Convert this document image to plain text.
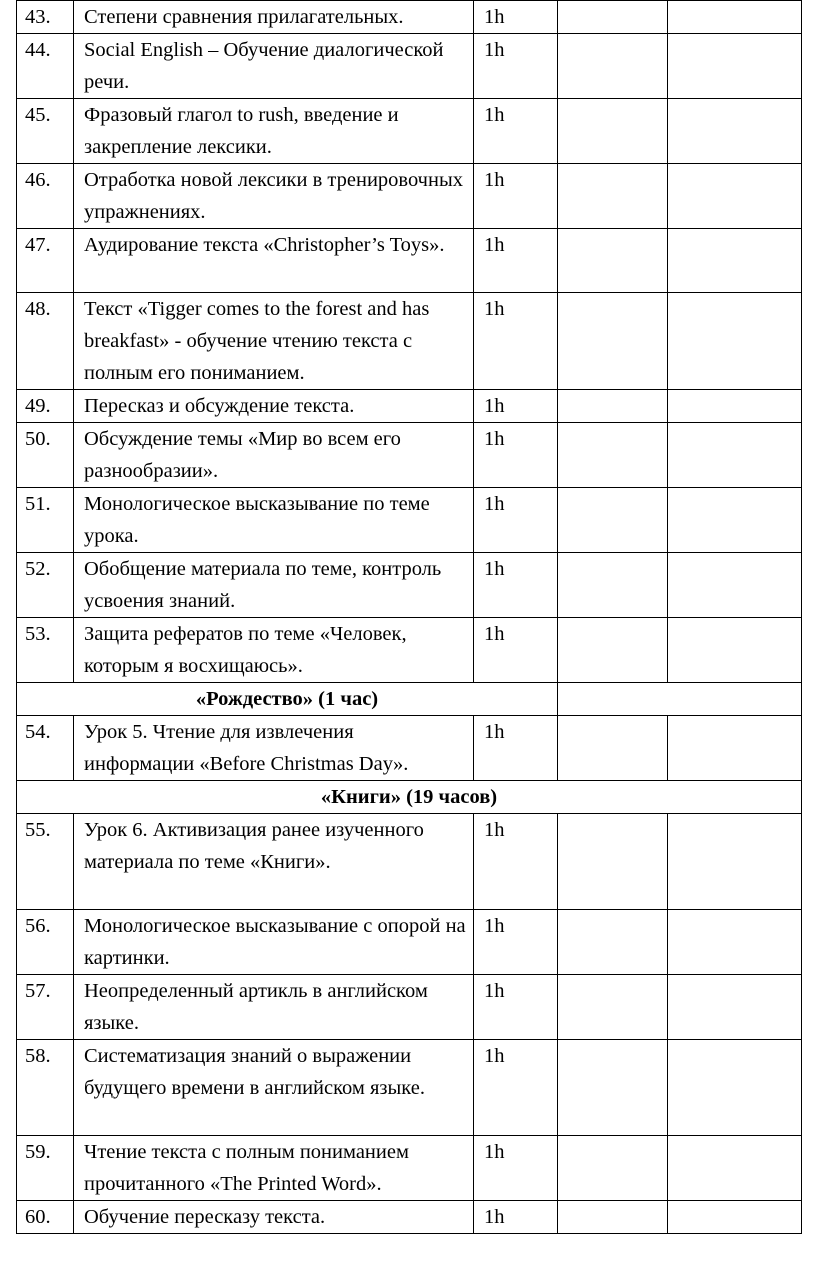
43.	Степени сравнения прилагательных.	1h		
44.	Social English – Обучение диалогической речи.	1h		
45.	Фразовый глагол to rush, введение и закрепление лексики.	1h		
46.	Отработка новой лексики в тренировочных упражнениях.	1h		
47.	Аудирование текста «Christopher’s Toys».	1h		
48.	Текст «Tigger comes to the forest and has breakfast» - обучение чтению текста с полным его пониманием.	1h		
49.	Пересказ и обсуждение текста.	1h		
50.	Обсуждение темы «Мир во всем его разнообразии».	1h		
51.	Монологическое высказывание по теме урока.	1h		
52.	Обобщение материала по теме, контроль усвоения знаний.	1h		
53.	Защита рефератов по теме «Человек, которым я восхищаюсь».	1h		
«Рождество» (1 час)				
54.	Урок 5. Чтение для извлечения информации «Before Christmas Day».	1h		
«Книги» (19 часов)				
55.	Урок 6. Активизация ранее изученного материала по теме «Книги».	1h		
56.	Монологическое высказывание с опорой на картинки.	1h		
57.	Неопределенный артикль в английском языке.	1h		
58.	Систематизация знаний о выражении будущего времени в английском языке.	1h		
59.	Чтение текста с полным пониманием прочитанного «The Printed Word».	1h		
60.	Обучение пересказу текста.	1h		
